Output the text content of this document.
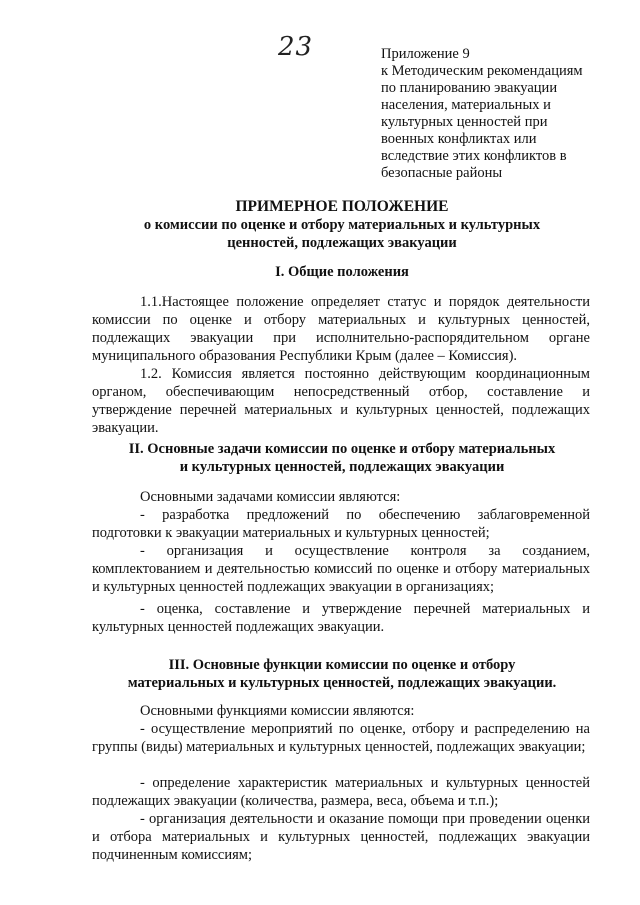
23	Приложение 9
к Методическим рекомендациям
по планированию эвакуации
населения, материальных и
культурных ценностей при
военных конфликтах или
вследствие этих конфликтов в
безопасные районы
ПРИМЕРНОЕ ПОЛОЖЕНИЕ
о комиссии по оценке и отбору материальных и культурных
ценностей, подлежащих эвакуации
I. Общие положения
1.1.Настоящее положение определяет статус и порядок деятельности комиссии по оценке и отбору материальных и культурных ценностей, подлежащих эвакуации при исполнительно-распорядительном органе муниципального образования Республики Крым (далее – Комиссия).
1.2. Комиссия является постоянно действующим координационным органом, обеспечивающим непосредственный отбор, составление и утверждение перечней материальных и культурных ценностей, подлежащих эвакуации.
II. Основные задачи комиссии по оценке и отбору материальных
и культурных ценностей, подлежащих эвакуации
Основными задачами комиссии являются:
- разработка предложений по обеспечению заблаговременной подготовки к эвакуации материальных и культурных ценностей;
- организация и осуществление контроля за созданием, комплектованием и деятельностью комиссий по оценке и отбору материальных и культурных ценностей подлежащих эвакуации в организациях;
- оценка, составление и утверждение перечней материальных и культурных ценностей подлежащих эвакуации.
III. Основные функции комиссии по оценке и отбору
материальных и культурных ценностей, подлежащих эвакуации.
Основными функциями комиссии являются:
- осуществление мероприятий по оценке, отбору и распределению на группы (виды) материальных и культурных ценностей, подлежащих эвакуации;
- определение характеристик материальных и культурных ценностей подлежащих эвакуации (количества, размера, веса, объема и т.п.);
- организация деятельности и оказание помощи при проведении оценки и отбора материальных и культурных ценностей, подлежащих эвакуации подчиненным комиссиям;
